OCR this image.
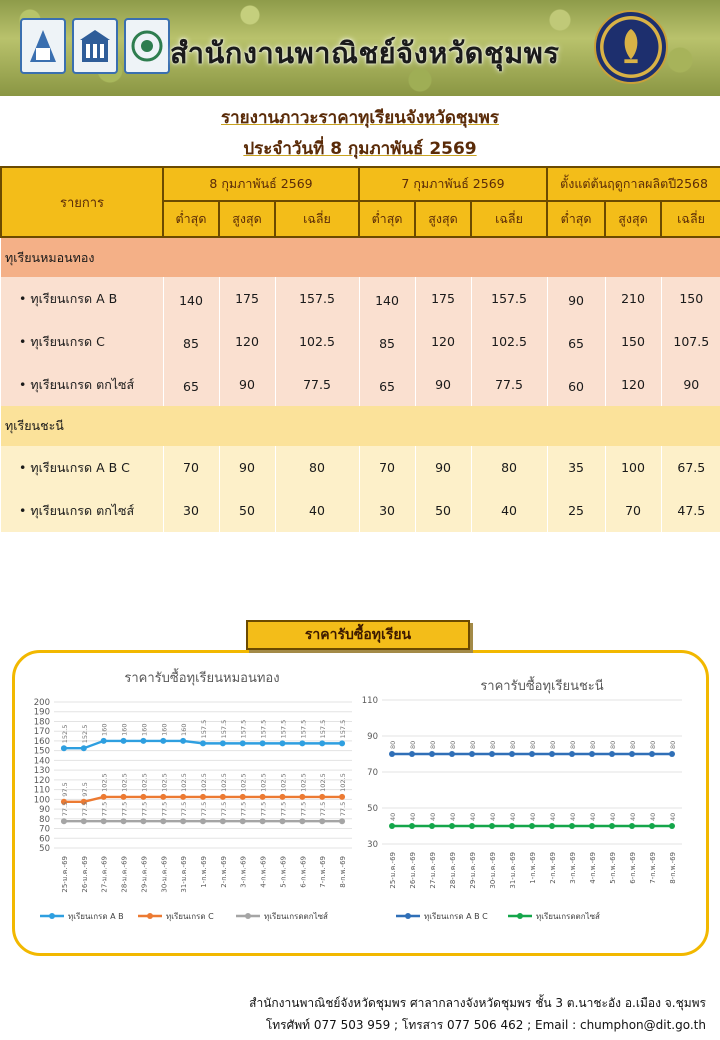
สำนักงานพาณิชย์จังหวัดชุมพร
รายงานภาวะราคาทุเรียนจังหวัดชุมพร
ประจำวันที่ 8 กุมภาพันธ์ 2569
รายการ	8 กุมภาพันธ์ 2569			7 กุมภาพันธ์ 2569			ตั้งแต่ต้นฤดูกาลผลิตปี2568		
	ต่ำสุด	สูงสุด	เฉลี่ย	ต่ำสุด	สูงสุด	เฉลี่ย	ต่ำสุด	สูงสุด	เฉลี่ย
ทุเรียนหมอนทอง									
• ทุเรียนเกรด A B	140	175	157.5	140	175	157.5	90	210	150
• ทุเรียนเกรด C	85	120	102.5	85	120	102.5	65	150	107.5
• ทุเรียนเกรด ตกไซส์	65	90	77.5	65	90	77.5	60	120	90
ทุเรียนชะนี									
• ทุเรียนเกรด A B C	70	90	80	70	90	80	35	100	67.5
• ทุเรียนเกรด ตกไซส์	30	50	40	30	50	40	25	70	47.5
ราคารับซื้อทุเรียน
ราคารับซื้อทุเรียนหมอนทอง
50
60
70
80
90
100
110
120
130
140
150
160
170
180
190
200
25-ม.ค.-69 26-ม.ค.-69 27-ม.ค.-69 28-ม.ค.-69 29-ม.ค.-69 30-ม.ค.-69 31-ม.ค.-69 1-ก.พ.-69 2-ก.พ.-69 3-ก.พ.-69 4-ก.พ.-69 5-ก.พ.-69 6-ก.พ.-69 7-ก.พ.-69 8-ก.พ.-69
152.5 152.5 160 160 160 160 160 157.5 157.5 157.5 157.5 157.5 157.5 157.5 157.5
ทุเรียนเกรด A B
97.5 97.5 102.5 102.5 102.5 102.5 102.5 102.5 102.5 102.5 102.5 102.5 102.5 102.5 102.5
ทุเรียนเกรด C
77.5 77.5 77.5 77.5 77.5 77.5 77.5 77.5 77.5 77.5 77.5 77.5 77.5 77.5 77.5
ทุเรียนเกรดตกไซส์
ราคารับซื้อทุเรียนชะนี
30
50
70
90
110
25-ม.ค.-69 26-ม.ค.-69 27-ม.ค.-69 28-ม.ค.-69 29-ม.ค.-69 30-ม.ค.-69 31-ม.ค.-69 1-ก.พ.-69 2-ก.พ.-69 3-ก.พ.-69 4-ก.พ.-69 5-ก.พ.-69 6-ก.พ.-69 7-ก.พ.-69 8-ก.พ.-69
80 80 80 80 80 80 80 80 80 80 80 80 80 80 80
ทุเรียนเกรด A B C
40 40 40 40 40 40 40 40 40 40 40 40 40 40 40
ทุเรียนเกรดตกไซส์
สำนักงานพาณิชย์จังหวัดชุมพร ศาลากลางจังหวัดชุมพร ชั้น 3 ต.นาชะอัง อ.เมือง จ.ชุมพร
โทรศัพท์ 077 503 959 ; โทรสาร 077 506 462 ; Email : chumphon@dit.go.th
